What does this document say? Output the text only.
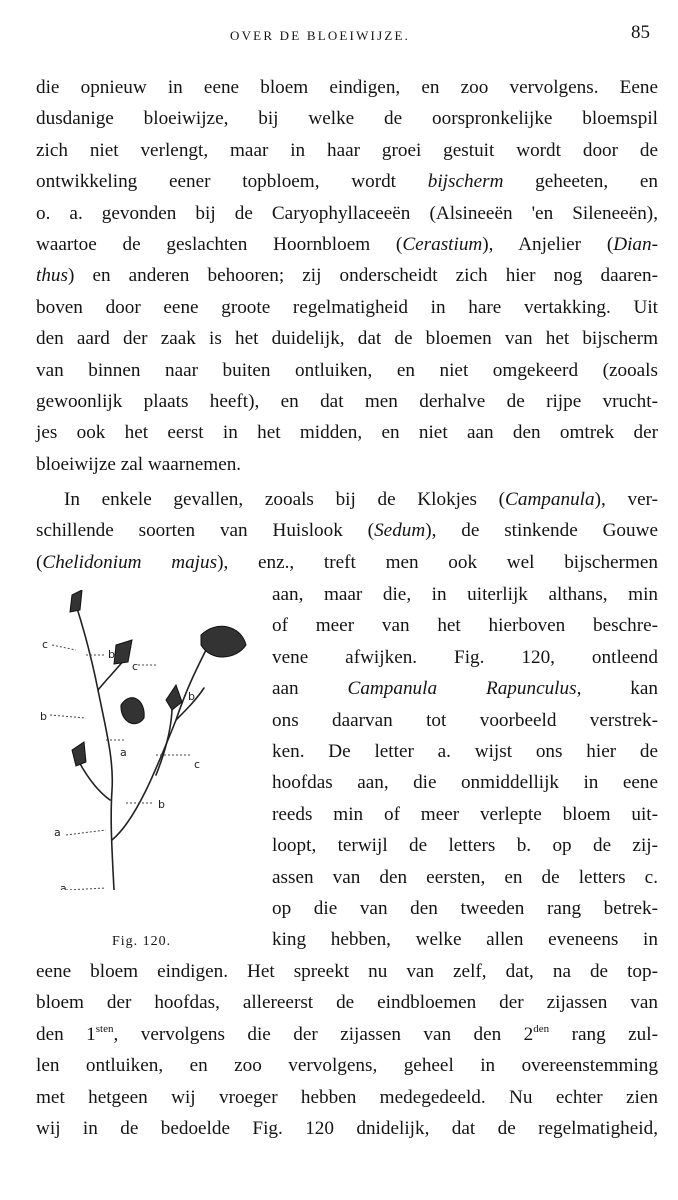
OVER DE BLOEIWIJZE.	85
die opnieuw in eene bloem eindigen, en zoo vervolgens. Eene
dusdanige bloeiwijze, bij welke de oorspronkelijke bloemspil
zich niet verlengt, maar in haar groei gestuit wordt door de
ontwikkeling eener topbloem, wordt bijscherm geheeten, en
o. a. gevonden bij de Caryophyllaceeën (Alsineeën 'en Sileneeën),
waartoe de geslachten Hoornbloem (Cerastium), Anjelier (Dian-
thus) en anderen behooren; zij onderscheidt zich hier nog daaren-
boven door eene groote regelmatigheid in hare vertakking. Uit
den aard der zaak is het duidelijk, dat de bloemen van het bijscherm
van binnen naar buiten ontluiken, en niet omgekeerd (zooals
gewoonlijk plaats heeft), en dat men derhalve de rijpe vrucht-
jes ook het eerst in het midden, en niet aan den omtrek der
bloeiwijze zal waarnemen.
In enkele gevallen, zooals bij de Klokjes (Campanula), ver-
schillende soorten van Huislook (Sedum), de stinkende Gouwe
(Chelidonium majus), enz., treft men ook wel bijschermen
aan, maar die, in uiterlijk althans, min
of meer van het hierboven beschre-
vene afwijken. Fig. 120, ontleend
aan Campanula Rapunculus, kan
ons daarvan tot voorbeeld verstrek-
ken. De letter a. wijst ons hier de
hoofdas aan, die onmiddellijk in eene
reeds min of meer verlepte bloem uit-
loopt, terwijl de letters b. op de zij-
assen van den eersten, en de letters c.
op die van den tweeden rang betrek-
king hebben, welke allen eveneens in
c
b
c
b
a
c
b
a
a
b
Fig. 120.
eene bloem eindigen. Het spreekt nu van zelf, dat, na de top-
bloem der hoofdas, allereerst de eindbloemen der zijassen van
den $1^{sten}$, vervolgens die der zijassen van den $2^{den}$ rang zul-
len ontluiken, en zoo vervolgens, geheel in overeenstemming
met hetgeen wij vroeger hebben medegedeeld. Nu echter zien
wij in de bedoelde Fig. 120 dnidelijk, dat de regelmatigheid,
